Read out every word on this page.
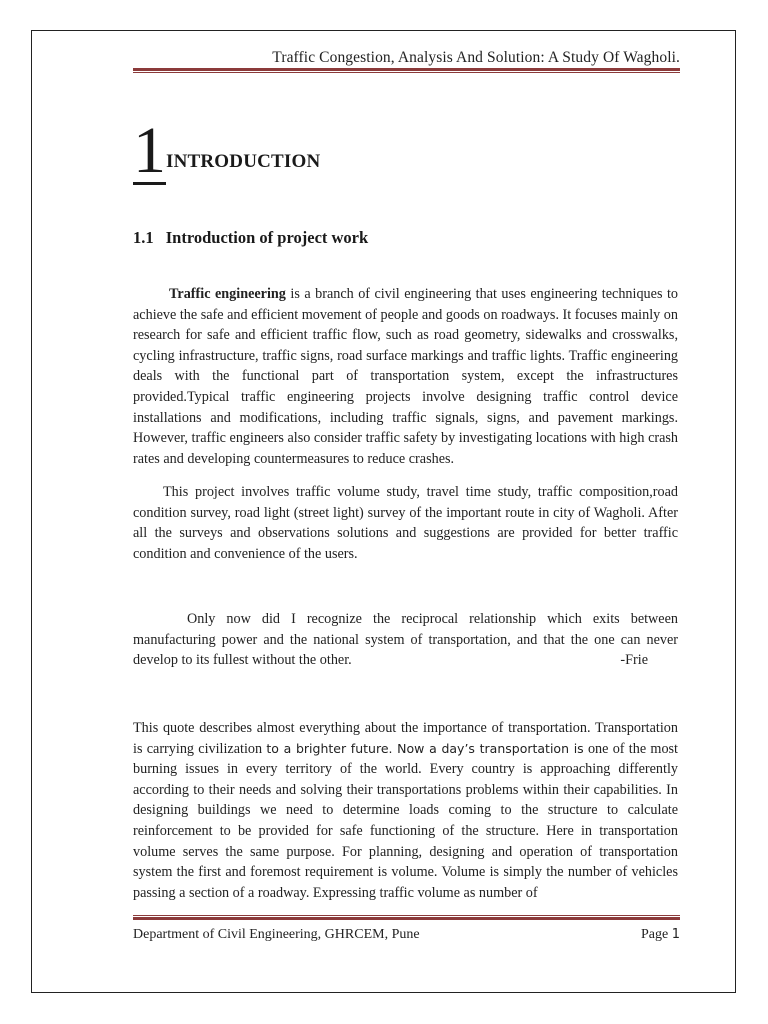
Traffic Congestion, Analysis And Solution: A Study Of Wagholi.
1 INTRODUCTION
1.1 Introduction of project work
Traffic engineering is a branch of civil engineering that uses engineering techniques to achieve the safe and efficient movement of people and goods on roadways. It focuses mainly on research for safe and efficient traffic flow, such as road geometry, sidewalks and crosswalks, cycling infrastructure, traffic signs, road surface markings and traffic lights. Traffic engineering deals with the functional part of transportation system, except the infrastructures provided.Typical traffic engineering projects involve designing traffic control device installations and modifications, including traffic signals, signs, and pavement markings. However, traffic engineers also consider traffic safety by investigating locations with high crash rates and developing countermeasures to reduce crashes.
This project involves traffic volume study, travel time study, traffic composition,road condition survey, road light (street light) survey of the important route in city of Wagholi. After all the surveys and observations solutions and suggestions are provided for better traffic condition and convenience of the users.
Only now did I recognize the reciprocal relationship which exits between manufacturing power and the national system of transportation, and that the one can never develop to its fullest without the other.	-Frie
This quote describes almost everything about the importance of transportation. Transportation is carrying civilization to a brighter future. Now a day’s transportation is one of the most burning issues in every territory of the world. Every country is approaching differently according to their needs and solving their transportations problems within their capabilities. In designing buildings we need to determine loads coming to the structure to calculate reinforcement to be provided for safe functioning of the structure. Here in transportation volume serves the same purpose. For planning, designing and operation of transportation system the first and foremost requirement is volume. Volume is simply the number of vehicles passing a section of a roadway. Expressing traffic volume as number of
Department of Civil Engineering, GHRCEM, Pune	Page 1
